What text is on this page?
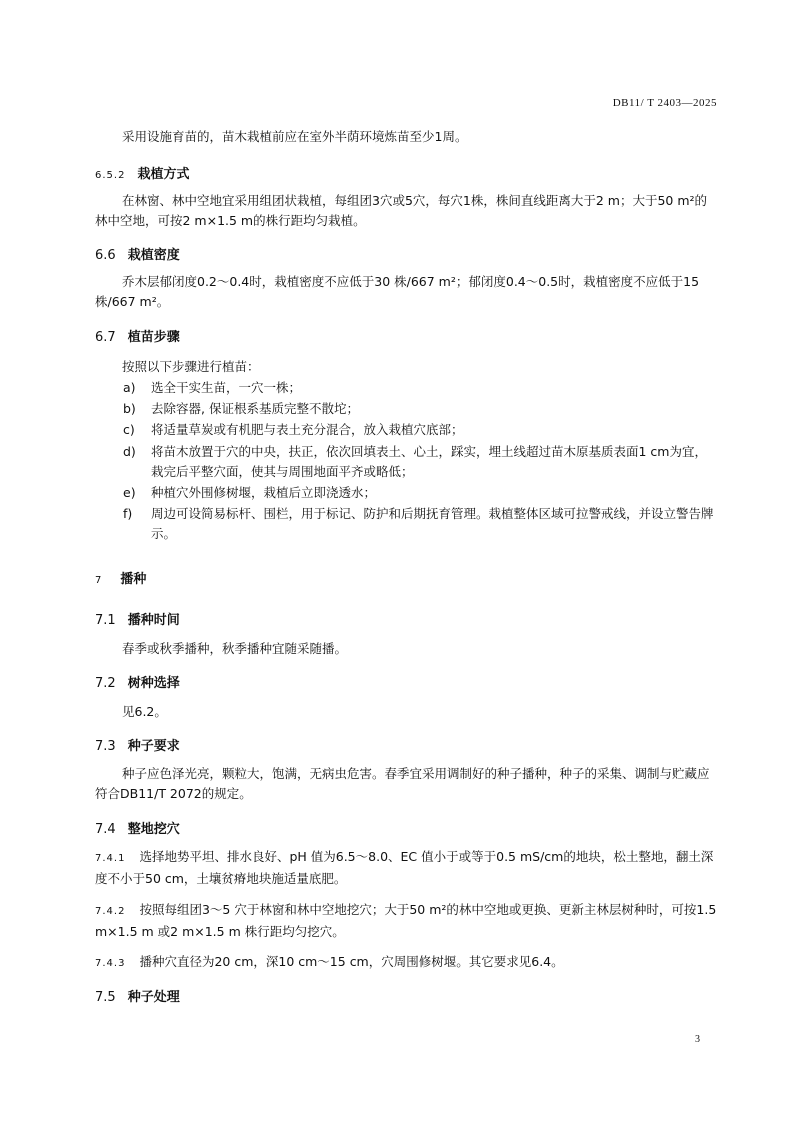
DB11/ T 2403—2025
采用设施育苗的，苗木栽植前应在室外半荫环境炼苗至少1周。
6.5.2 栽植方式
在林窗、林中空地宜采用组团状栽植，每组团3穴或5穴，每穴1株，株间直线距离大于2 m；大于50 m²的林中空地，可按2 m×1.5 m的株行距均匀栽植。
6.6 栽植密度
乔木层郁闭度0.2～0.4时，栽植密度不应低于30 株/667 m²；郁闭度0.4～0.5时，栽植密度不应低于15 株/667 m²。
6.7 植苗步骤
按照以下步骤进行植苗：
a) 选全干实生苗，一穴一株；
b) 去除容器, 保证根系基质完整不散坨；
c) 将适量草炭或有机肥与表土充分混合，放入栽植穴底部；
d) 将苗木放置于穴的中央，扶正，依次回填表土、心土，踩实，埋土线超过苗木原基质表面1 cm为宜，栽完后平整穴面，使其与周围地面平齐或略低；
e) 种植穴外围修树堰，栽植后立即浇透水；
f) 周边可设简易标杆、围栏，用于标记、防护和后期抚育管理。栽植整体区域可拉警戒线，并设立警告牌示。
7 播种
7.1 播种时间
春季或秋季播种，秋季播种宜随采随播。
7.2 树种选择
见6.2。
7.3 种子要求
种子应色泽光亮，颗粒大，饱满，无病虫危害。春季宜采用调制好的种子播种，种子的采集、调制与贮藏应符合DB11/T 2072的规定。
7.4 整地挖穴
7.4.1 选择地势平坦、排水良好、pH 值为6.5～8.0、EC 值小于或等于0.5 mS/cm的地块，松土整地，翻土深度不小于50 cm，土壤贫瘠地块施适量底肥。
7.4.2 按照每组团3～5 穴于林窗和林中空地挖穴；大于50 m²的林中空地或更换、更新主林层树种时，可按1.5 m×1.5 m 或2 m×1.5 m 株行距均匀挖穴。
7.4.3 播种穴直径为20 cm，深10 cm～15 cm，穴周围修树堰。其它要求见6.4。
7.5 种子处理
3
